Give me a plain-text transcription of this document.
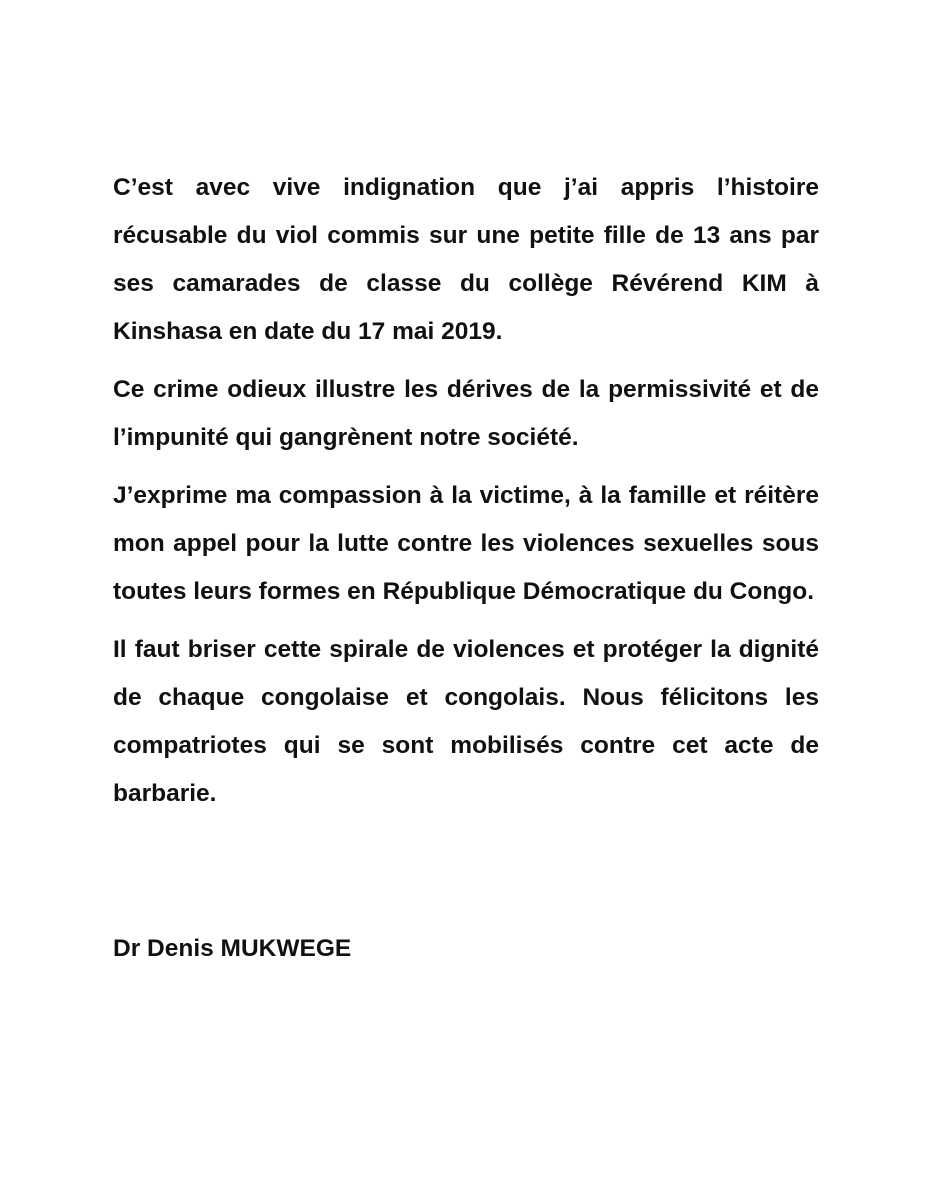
C’est avec vive indignation que j’ai appris l’histoire récusable du viol commis sur une petite fille de 13 ans par ses camarades de classe du collège Révérend KIM à Kinshasa en date du 17 mai 2019.

Ce crime odieux illustre les dérives de la permissivité et de l’impunité qui gangrènent notre société.

J’exprime ma compassion à la victime, à la famille et réitère mon appel pour la lutte contre les violences sexuelles sous toutes leurs formes en République Démocratique du Congo.

Il faut briser cette spirale de violences et protéger la dignité de chaque congolaise et congolais. Nous félicitons les compatriotes qui se sont mobilisés contre cet acte de barbarie.

Dr Denis MUKWEGE
